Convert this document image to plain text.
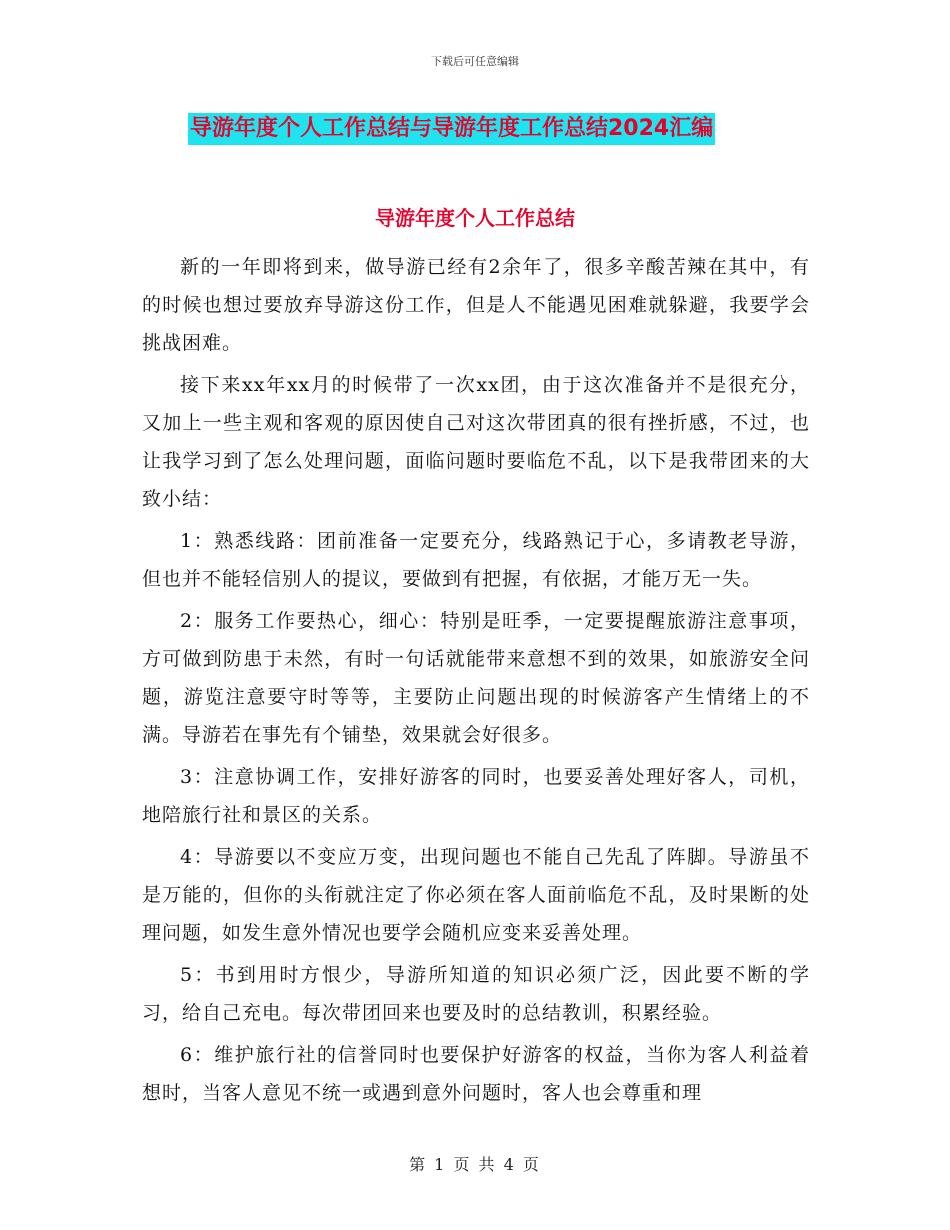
下载后可任意编辑
导游年度个人工作总结与导游年度工作总结2024汇编
导游年度个人工作总结

新的一年即将到来，做导游已经有2余年了，很多辛酸苦辣在其中，有的时候也想过要放弃导游这份工作，但是人不能遇见困难就躲避，我要学会挑战困难。

接下来xx年xx月的时候带了一次xx团，由于这次准备并不是很充分，又加上一些主观和客观的原因使自己对这次带团真的很有挫折感，不过，也让我学习到了怎么处理问题，面临问题时要临危不乱，以下是我带团来的大致小结：

1：熟悉线路：团前准备一定要充分，线路熟记于心，多请教老导游，但也并不能轻信别人的提议，要做到有把握，有依据，才能万无一失。

2：服务工作要热心，细心：特别是旺季，一定要提醒旅游注意事项，方可做到防患于未然，有时一句话就能带来意想不到的效果，如旅游安全问题，游览注意要守时等等，主要防止问题出现的时候游客产生情绪上的不满。导游若在事先有个铺垫，效果就会好很多。

3：注意协调工作，安排好游客的同时，也要妥善处理好客人，司机，地陪旅行社和景区的关系。

4：导游要以不变应万变，出现问题也不能自己先乱了阵脚。导游虽不是万能的，但你的头衔就注定了你必须在客人面前临危不乱，及时果断的处理问题，如发生意外情况也要学会随机应变来妥善处理。

5：书到用时方恨少，导游所知道的知识必须广泛，因此要不断的学习，给自己充电。每次带团回来也要及时的总结教训，积累经验。

6：维护旅行社的信誉同时也要保护好游客的权益，当你为客人利益着想时，当客人意见不统一或遇到意外问题时，客人也会尊重和理

第 1 页 共 4 页
